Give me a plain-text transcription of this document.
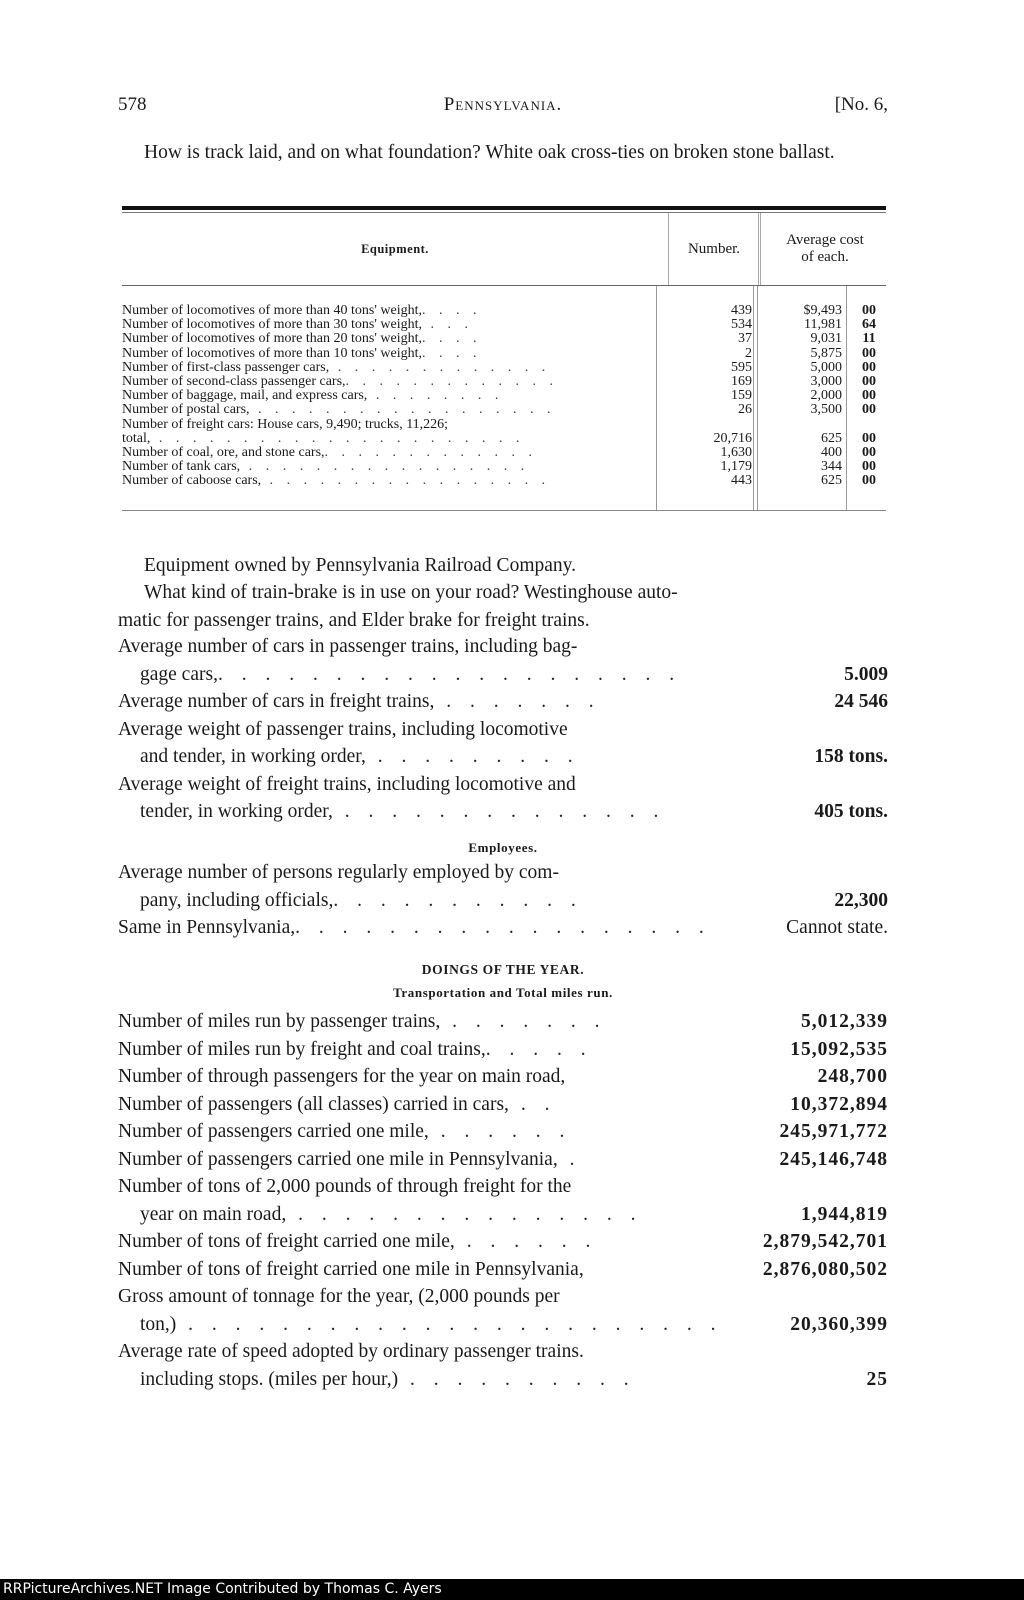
578	Pennsylvania.	[No. 6,

How is track laid, and on what foundation? White oak cross-ties on broken stone ballast.

Equipment.	Number.
Average cost
of each.
Number of locomotives of more than 40 tons' weight,. . . .	439	$9,493	00
Number of locomotives of more than 30 tons' weight, . . .	534	11,981	64
Number of locomotives of more than 20 tons' weight,. . . .	37	9,031	11
Number of locomotives of more than 10 tons' weight,. . . .	2	5,875	00
Number of first-class passenger cars, . . . . . . . . . . . . .	595	5,000	00
Number of second-class passenger cars,. . . . . . . . . . . . .	169	3,000	00
Number of baggage, mail, and express cars, . . . . . . . .	159	2,000	00
Number of postal cars, . . . . . . . . . . . . . . . . . .	26	3,500	00
Number of freight cars: House cars, 9,490; trucks, 11,226;
total, . . . . . . . . . . . . . . . . . . . . . .	20,716	625	00
Number of coal, ore, and stone cars,. . . . . . . . . . . . .	1,630	400	00
Number of tank cars, . . . . . . . . . . . . . . . . .	1,179	344	00
Number of caboose cars, . . . . . . . . . . . . . . . . .	443	625	00

Equipment owned by Pennsylvania Railroad Company.

What kind of train-brake is in use on your road? Westinghouse auto-

matic for passenger trains, and Elder brake for freight trains.

Average number of cars in passenger trains, including bag-
gage cars,. . . . . . . . . . . . . . . . . . . .	5.009
Average number of cars in freight trains, . . . . . . .	24 546
Average weight of passenger trains, including locomotive
and tender, in working order, . . . . . . . . .	158 tons.
Average weight of freight trains, including locomotive and
tender, in working order, . . . . . . . . . . . . . .	405 tons.
Employees.
Average number of persons regularly employed by com-
pany, including officials,. . . . . . . . . . .	22,300
Same in Pennsylvania,. . . . . . . . . . . . . . . . . .	Cannot state.
DOINGS OF THE YEAR.
Transportation and Total miles run.
Number of miles run by passenger trains, . . . . . . .	5,012,339
Number of miles run by freight and coal trains,. . . . .	15,092,535
Number of through passengers for the year on main road,	248,700
Number of passengers (all classes) carried in cars, . .	10,372,894
Number of passengers carried one mile, . . . . . .	245,971,772
Number of passengers carried one mile in Pennsylvania, .	245,146,748
Number of tons of 2,000 pounds of through freight for the
year on main road, . . . . . . . . . . . . . . .	1,944,819
Number of tons of freight carried one mile, . . . . . .	2,879,542,701
Number of tons of freight carried one mile in Pennsylvania,	2,876,080,502
Gross amount of tonnage for the year, (2,000 pounds per
ton,) . . . . . . . . . . . . . . . . . . . . . . .	20,360,399
Average rate of speed adopted by ordinary passenger trains.
including stops. (miles per hour,) . . . . . . . . . .	25
RRPictureArchives.NET Image Contributed by Thomas C. Ayers
